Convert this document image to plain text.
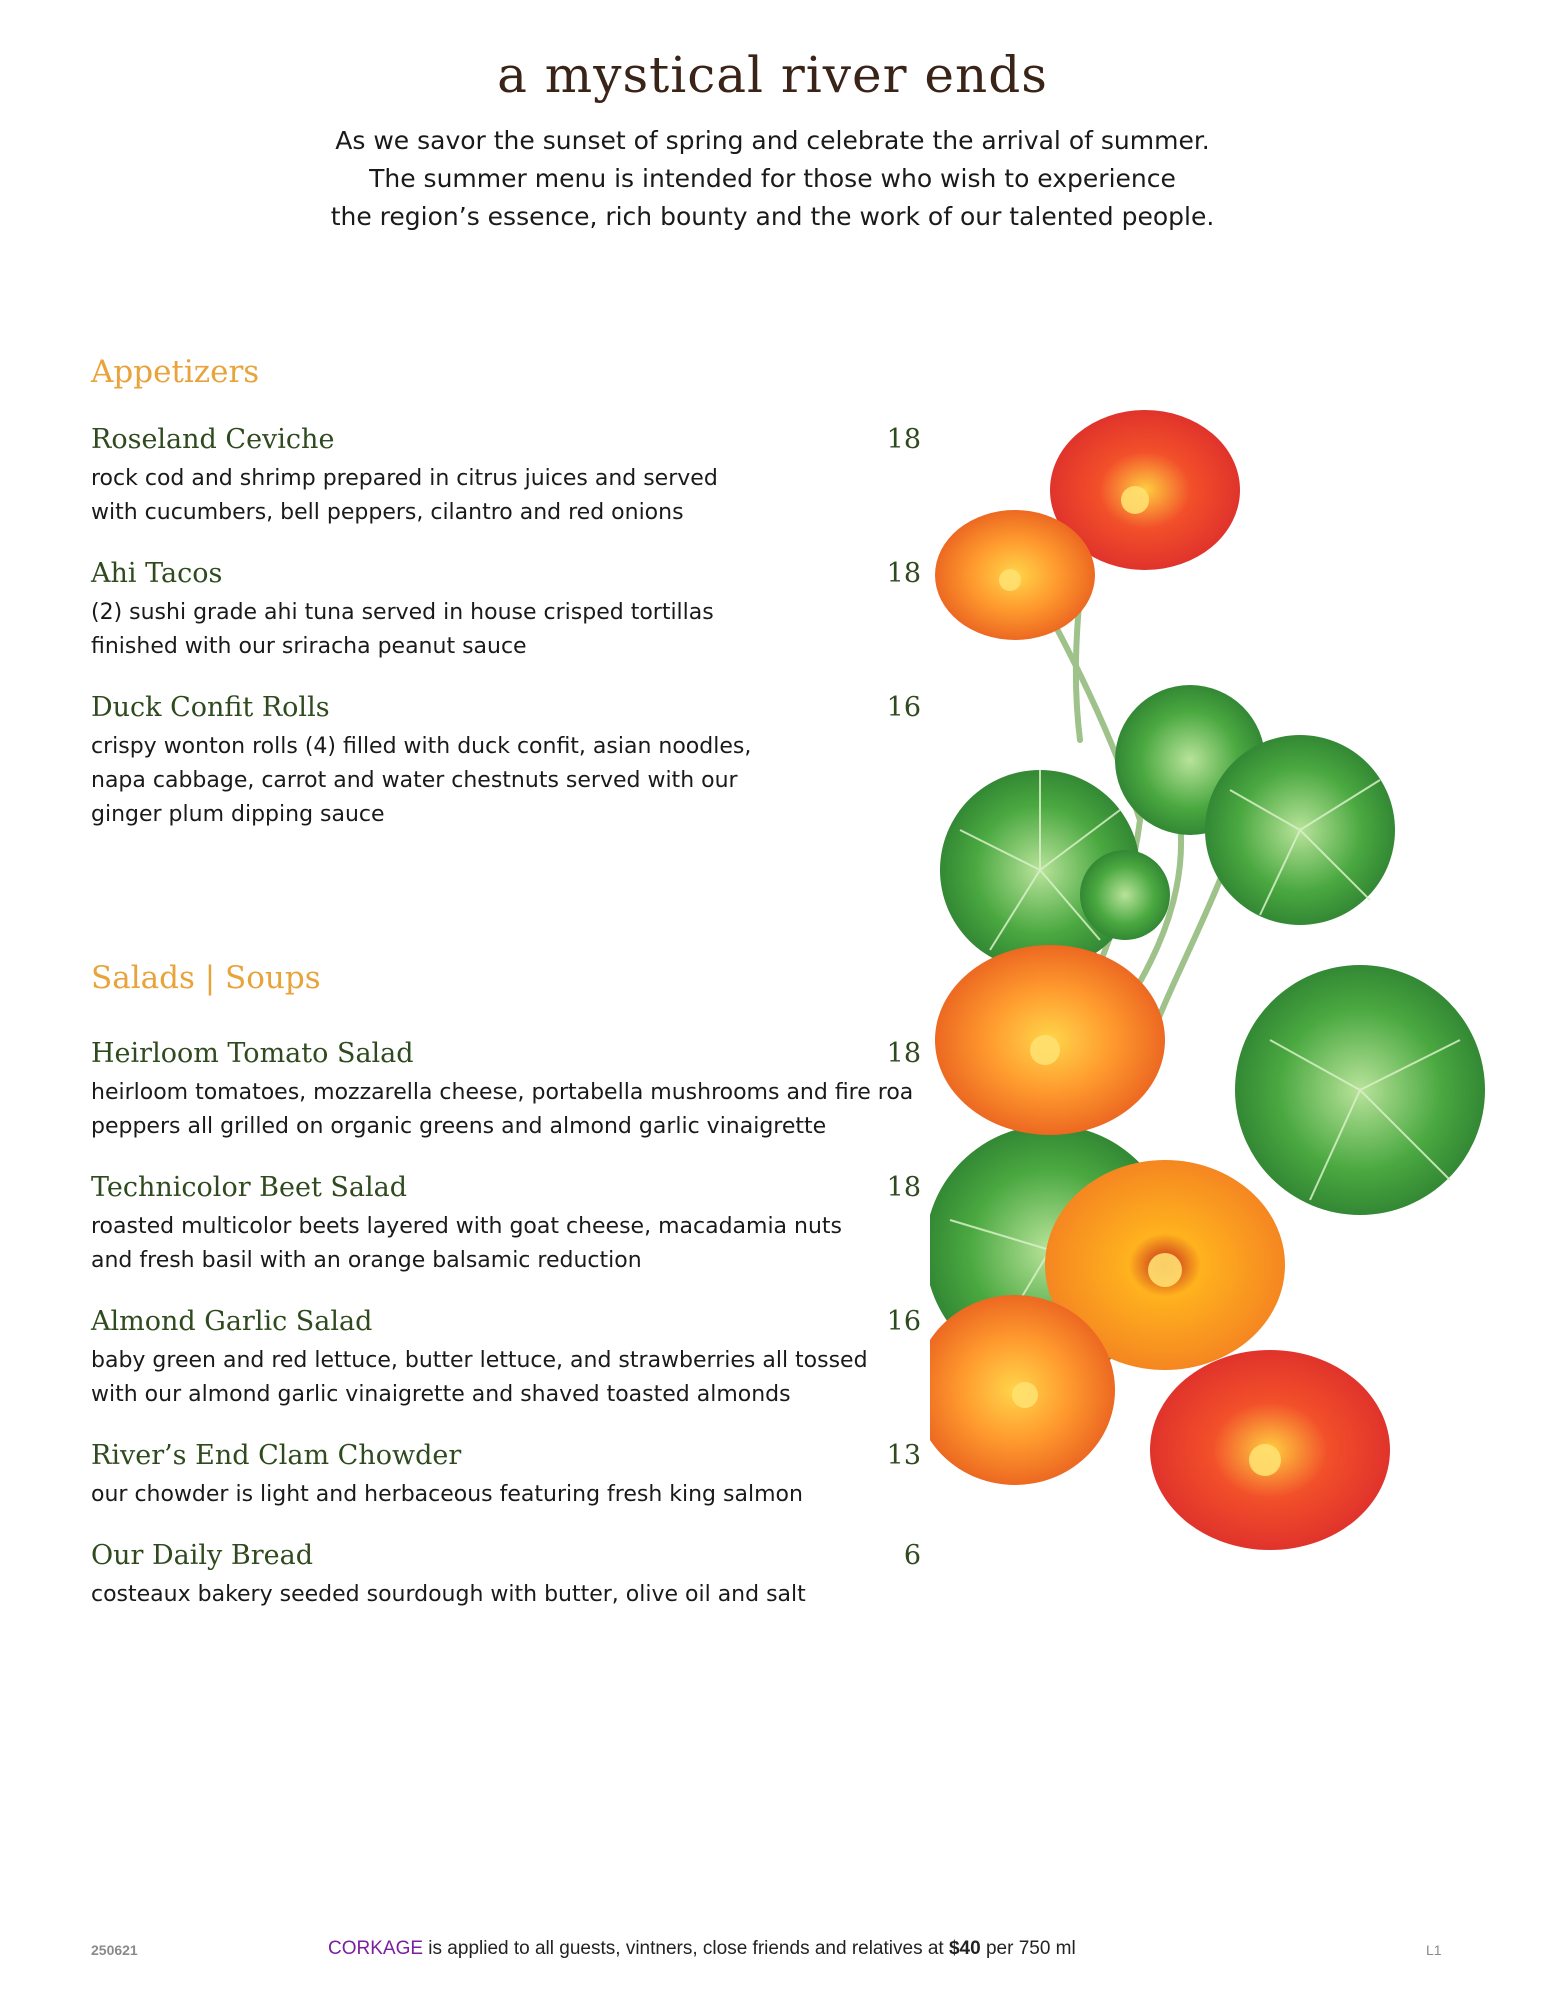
a mystical river ends
As we savor the sunset of spring and celebrate the arrival of summer.
The summer menu is intended for those who wish to experience
the region’s essence, rich bounty and the work of our talented people.
Appetizers
Roseland Ceviche	18
rock cod and shrimp prepared in citrus juices and served
with cucumbers, bell peppers, cilantro and red onions
Ahi Tacos	18
(2) sushi grade ahi tuna served in house crisped tortillas
finished with our sriracha peanut sauce
Duck Confit Rolls	16
crispy wonton rolls (4) filled with duck confit, asian noodles,
napa cabbage, carrot and water chestnuts served with our
ginger plum dipping sauce
Salads | Soups
Heirloom Tomato Salad	18
heirloom tomatoes, mozzarella cheese, portabella mushrooms and fire roa
peppers all grilled on organic greens and almond garlic vinaigrette
Technicolor Beet Salad	18
roasted multicolor beets layered with goat cheese, macadamia nuts
and fresh basil with an orange balsamic reduction
Almond Garlic Salad	16
baby green and red lettuce, butter lettuce, and strawberries all tossed
with our almond garlic vinaigrette and shaved toasted almonds
River’s End Clam Chowder	13
our chowder is light and herbaceous featuring fresh king salmon
Our Daily Bread	6
costeaux bakery seeded sourdough with butter, olive oil and salt
250621	CORKAGE is applied to all guests, vintners, close friends and relatives at $40 per 750 ml	L1
